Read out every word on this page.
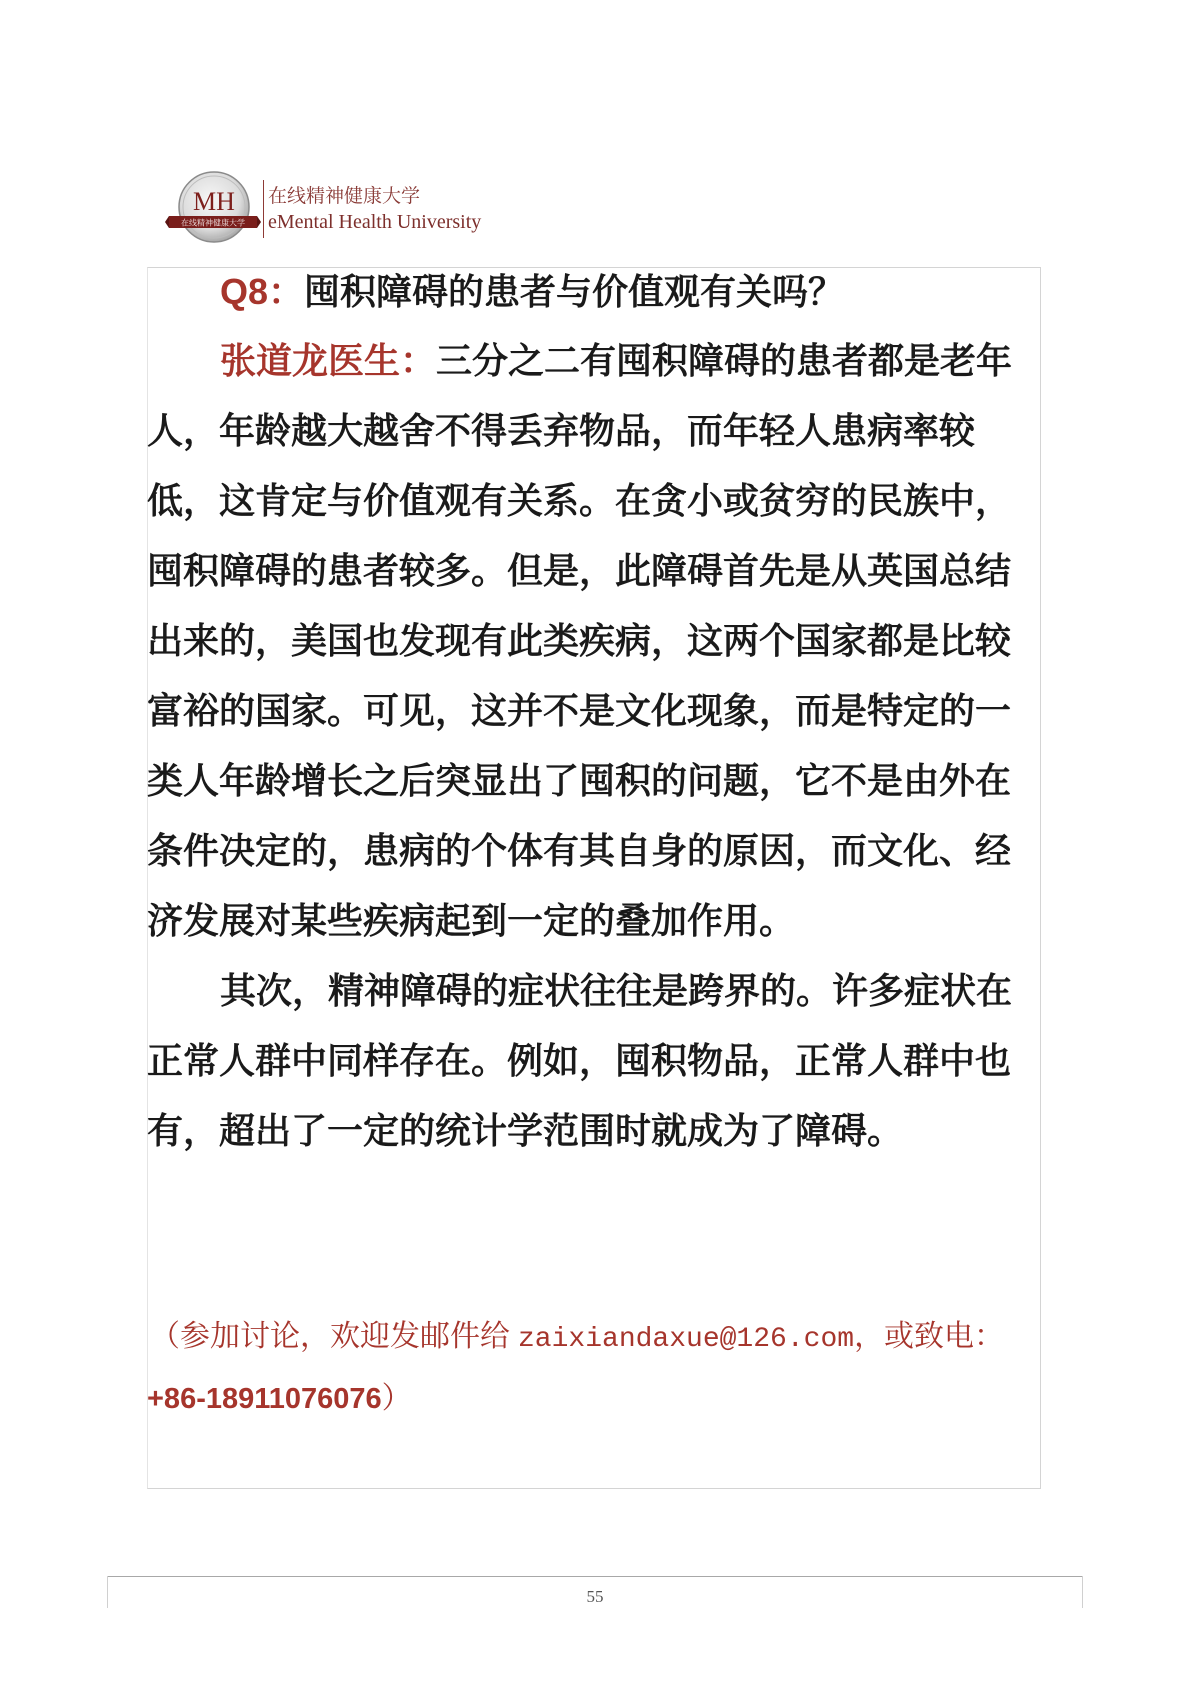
MH
在线精神健康大学
在线精神健康大学
eMental Health University
Q8：囤积障碍的患者与价值观有关吗？
张道龙医生：三分之二有囤积障碍的患者都是老年
人，年龄越大越舍不得丢弃物品，而年轻人患病率较
低，这肯定与价值观有关系。在贪小或贫穷的民族中，
囤积障碍的患者较多。但是，此障碍首先是从英国总结
出来的，美国也发现有此类疾病，这两个国家都是比较
富裕的国家。可见，这并不是文化现象，而是特定的一
类人年龄增长之后突显出了囤积的问题，它不是由外在
条件决定的，患病的个体有其自身的原因，而文化、经
济发展对某些疾病起到一定的叠加作用。
其次，精神障碍的症状往往是跨界的。许多症状在
正常人群中同样存在。例如，囤积物品，正常人群中也
有，超出了一定的统计学范围时就成为了障碍。
（参加讨论，欢迎发邮件给 zaixiandaxue@126.com，或致电：
+86-18911076076）
55
